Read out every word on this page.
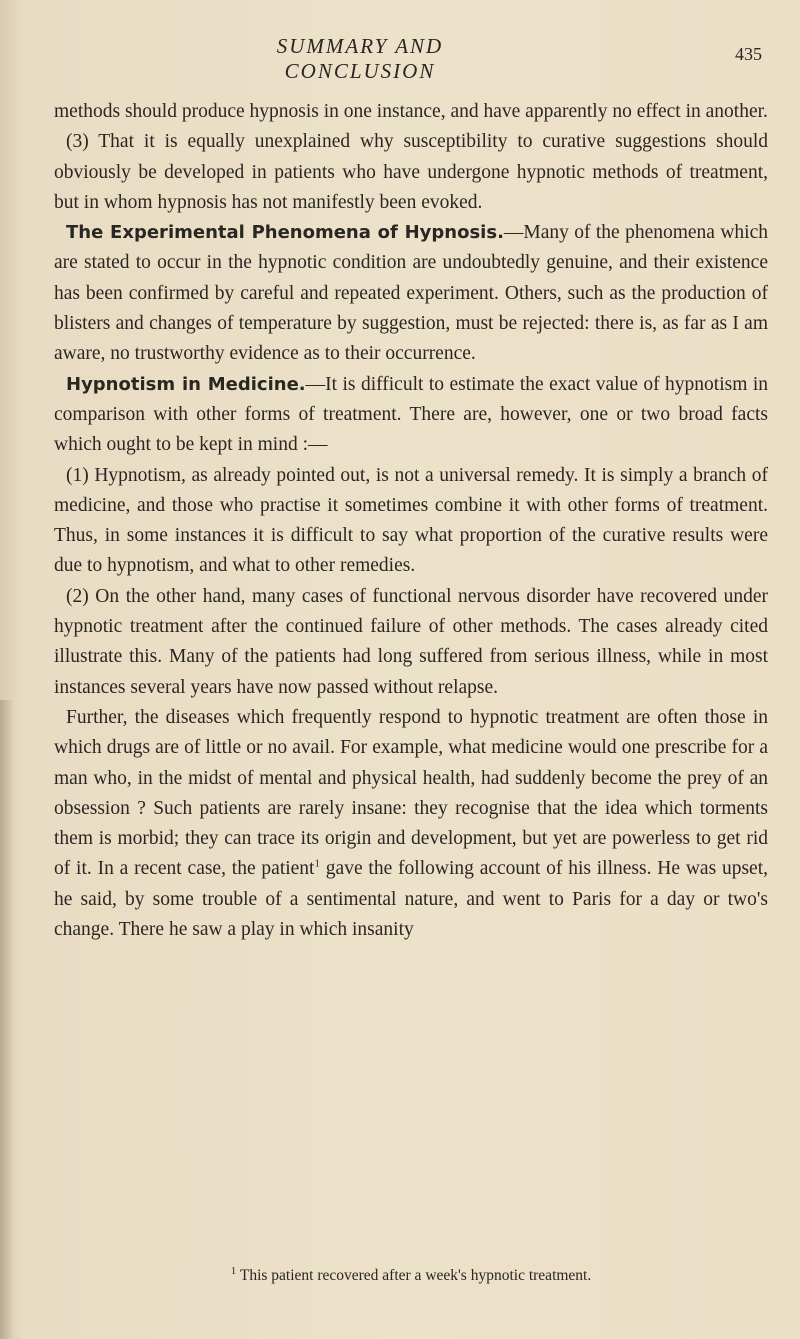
SUMMARY AND CONCLUSION
435

methods should produce hypnosis in one instance, and have apparently no effect in another.

(3) That it is equally unexplained why susceptibility to curative suggestions should obviously be developed in patients who have undergone hypnotic methods of treatment, but in whom hypnosis has not manifestly been evoked.

The Experimental Phenomena of Hypnosis.—Many of the phenomena which are stated to occur in the hypnotic condition are undoubtedly genuine, and their existence has been confirmed by careful and repeated experiment. Others, such as the production of blisters and changes of temperature by suggestion, must be rejected: there is, as far as I am aware, no trustworthy evidence as to their occurrence.

Hypnotism in Medicine.—It is difficult to estimate the exact value of hypnotism in comparison with other forms of treatment. There are, however, one or two broad facts which ought to be kept in mind :—

(1) Hypnotism, as already pointed out, is not a universal remedy. It is simply a branch of medicine, and those who practise it sometimes combine it with other forms of treatment. Thus, in some instances it is difficult to say what proportion of the curative results were due to hypnotism, and what to other remedies.

(2) On the other hand, many cases of functional nervous disorder have recovered under hypnotic treatment after the continued failure of other methods. The cases already cited illustrate this. Many of the patients had long suffered from serious illness, while in most instances several years have now passed without relapse.

Further, the diseases which frequently respond to hypnotic treatment are often those in which drugs are of little or no avail. For example, what medicine would one prescribe for a man who, in the midst of mental and physical health, had suddenly become the prey of an obsession ? Such patients are rarely insane: they recognise that the idea which torments them is morbid; they can trace its origin and development, but yet are powerless to get rid of it. In a recent case, the patient$^1$ gave the following account of his illness. He was upset, he said, by some trouble of a sentimental nature, and went to Paris for a day or two's change. There he saw a play in which insanity

$^1$ This patient recovered after a week's hypnotic treatment.
